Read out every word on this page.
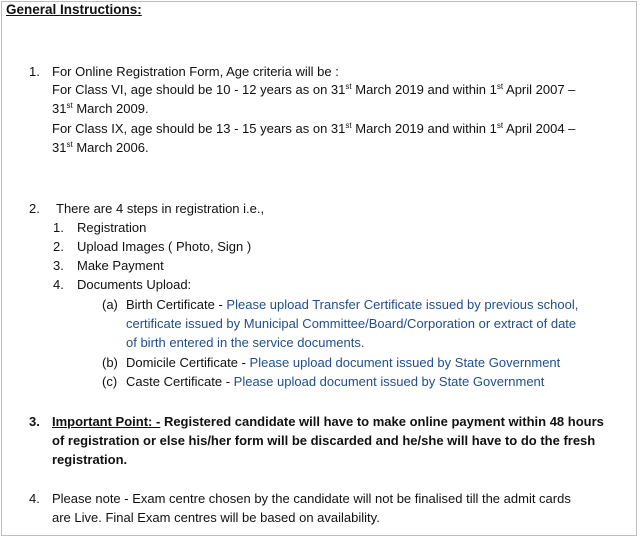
General Instructions:
1. For Online Registration Form, Age criteria will be :
For Class VI, age should be 10 - 12 years as on 31st March 2019 and within 1st April 2007 –
31st March 2009.
For Class IX, age should be 13 - 15 years as on 31st March 2019 and within 1st April 2004 –
31st March 2006.
2. There are 4 steps in registration i.e.,
1. Registration
2. Upload Images ( Photo, Sign )
3. Make Payment
4. Documents Upload:
(a) Birth Certificate - Please upload Transfer Certificate issued by previous school,
certificate issued by Municipal Committee/Board/Corporation or extract of date
of birth entered in the service documents.
(b) Domicile Certificate - Please upload document issued by State Government
(c) Caste Certificate - Please upload document issued by State Government
3. Important Point: - Registered candidate will have to make online payment within 48 hours
of registration or else his/her form will be discarded and he/she will have to do the fresh
registration.
4. Please note - Exam centre chosen by the candidate will not be finalised till the admit cards
are Live. Final Exam centres will be based on availability.
